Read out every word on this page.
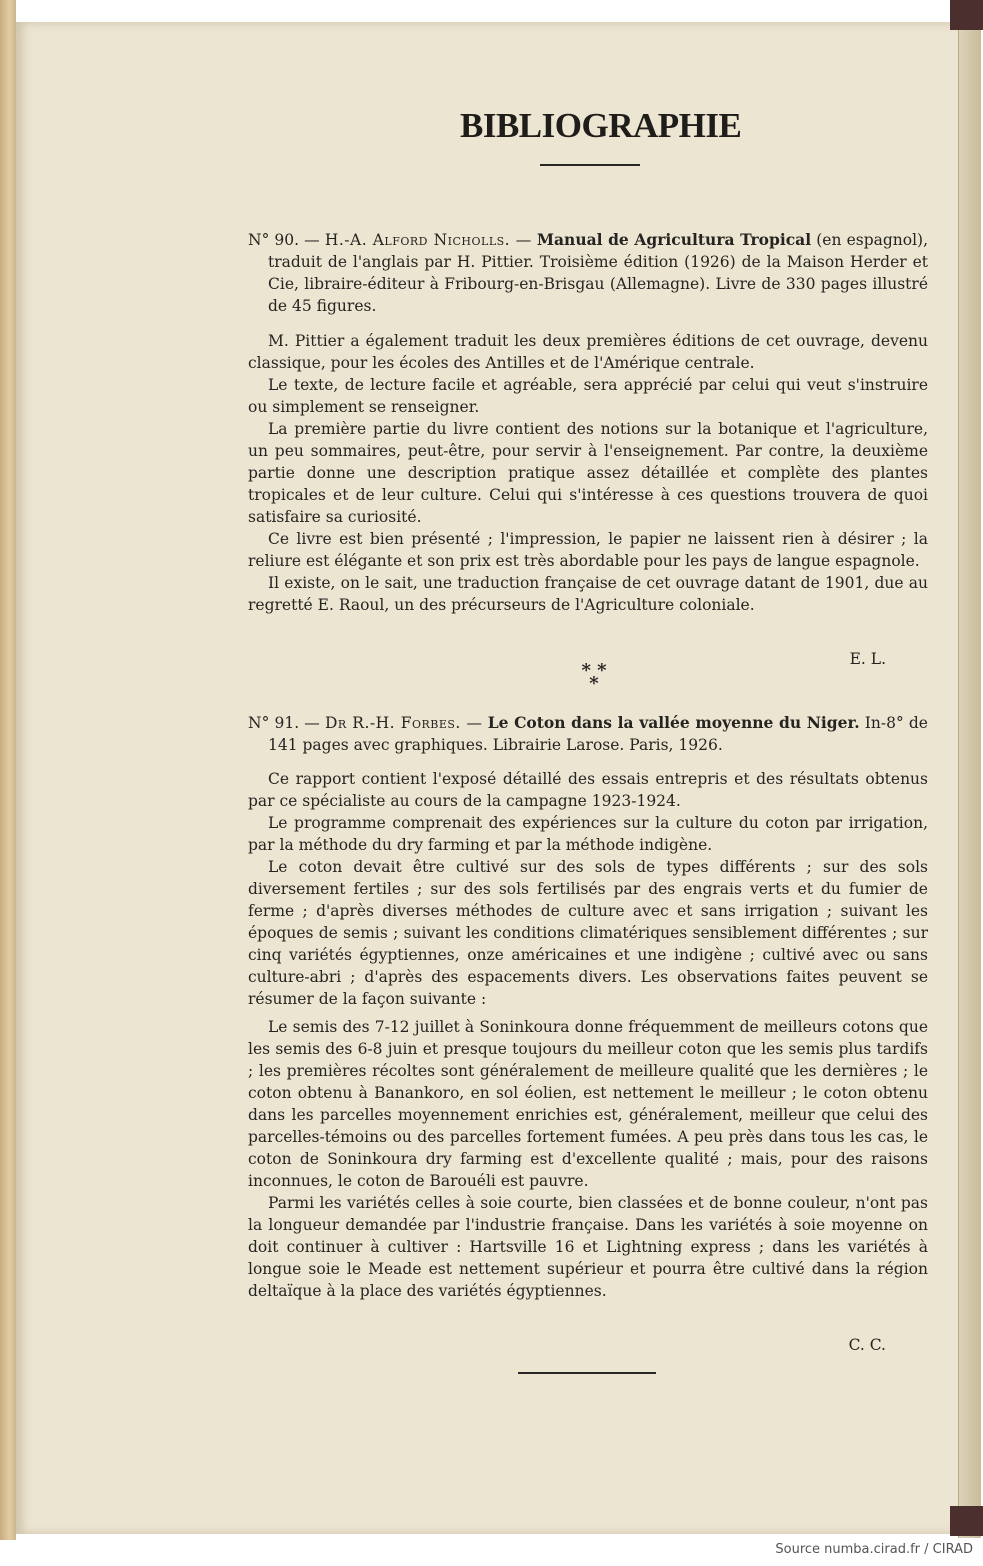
BIBLIOGRAPHIE
N° 90. — H.-A. Alford Nicholls. — Manual de Agricultura Tropical (en espagnol), traduit de l'anglais par H. Pittier. Troisième édition (1926) de la Maison Herder et Cie, libraire-éditeur à Fribourg-en-Brisgau (Allemagne). Livre de 330 pages illustré de 45 figures.

M. Pittier a également traduit les deux premières éditions de cet ouvrage, devenu classique, pour les écoles des Antilles et de l'Amérique centrale.

Le texte, de lecture facile et agréable, sera apprécié par celui qui veut s'instruire ou simplement se renseigner.

La première partie du livre contient des notions sur la botanique et l'agriculture, un peu sommaires, peut-être, pour servir à l'enseignement. Par contre, la deuxième partie donne une description pratique assez détaillée et complète des plantes tropicales et de leur culture. Celui qui s'intéresse à ces questions trouvera de quoi satisfaire sa curiosité.

Ce livre est bien présenté ; l'impression, le papier ne laissent rien à désirer ; la reliure est élégante et son prix est très abordable pour les pays de langue espagnole.

Il existe, on le sait, une traduction française de cet ouvrage datant de 1901, due au regretté E. Raoul, un des précurseurs de l'Agriculture coloniale.

E. L.
* * *
N° 91. — Dr R.-H. Forbes. — Le Coton dans la vallée moyenne du Niger. In-8° de 141 pages avec graphiques. Librairie Larose. Paris, 1926.

Ce rapport contient l'exposé détaillé des essais entrepris et des résultats obtenus par ce spécialiste au cours de la campagne 1923-1924.

Le programme comprenait des expériences sur la culture du coton par irrigation, par la méthode du dry farming et par la méthode indigène.

Le coton devait être cultivé sur des sols de types différents ; sur des sols diversement fertiles ; sur des sols fertilisés par des engrais verts et du fumier de ferme ; d'après diverses méthodes de culture avec et sans irrigation ; suivant les époques de semis ; suivant les conditions climatériques sensiblement différentes ; sur cinq variétés égyptiennes, onze américaines et une indigène ; cultivé avec ou sans culture-abri ; d'après des espacements divers. Les observations faites peuvent se résumer de la façon suivante :

Le semis des 7-12 juillet à Soninkoura donne fréquemment de meilleurs cotons que les semis des 6-8 juin et presque toujours du meilleur coton que les semis plus tardifs ; les premières récoltes sont généralement de meilleure qualité que les dernières ; le coton obtenu à Banankoro, en sol éolien, est nettement le meilleur ; le coton obtenu dans les parcelles moyennement enrichies est, généralement, meilleur que celui des parcelles-témoins ou des parcelles fortement fumées. A peu près dans tous les cas, le coton de Soninkoura dry farming est d'excellente qualité ; mais, pour des raisons inconnues, le coton de Barouéli est pauvre.

Parmi les variétés celles à soie courte, bien classées et de bonne couleur, n'ont pas la longueur demandée par l'industrie française. Dans les variétés à soie moyenne on doit continuer à cultiver : Hartsville 16 et Lightning express ; dans les variétés à longue soie le Meade est nettement supérieur et pourra être cultivé dans la région deltaïque à la place des variétés égyptiennes.

C. C.
Source numba.cirad.fr / CIRAD
